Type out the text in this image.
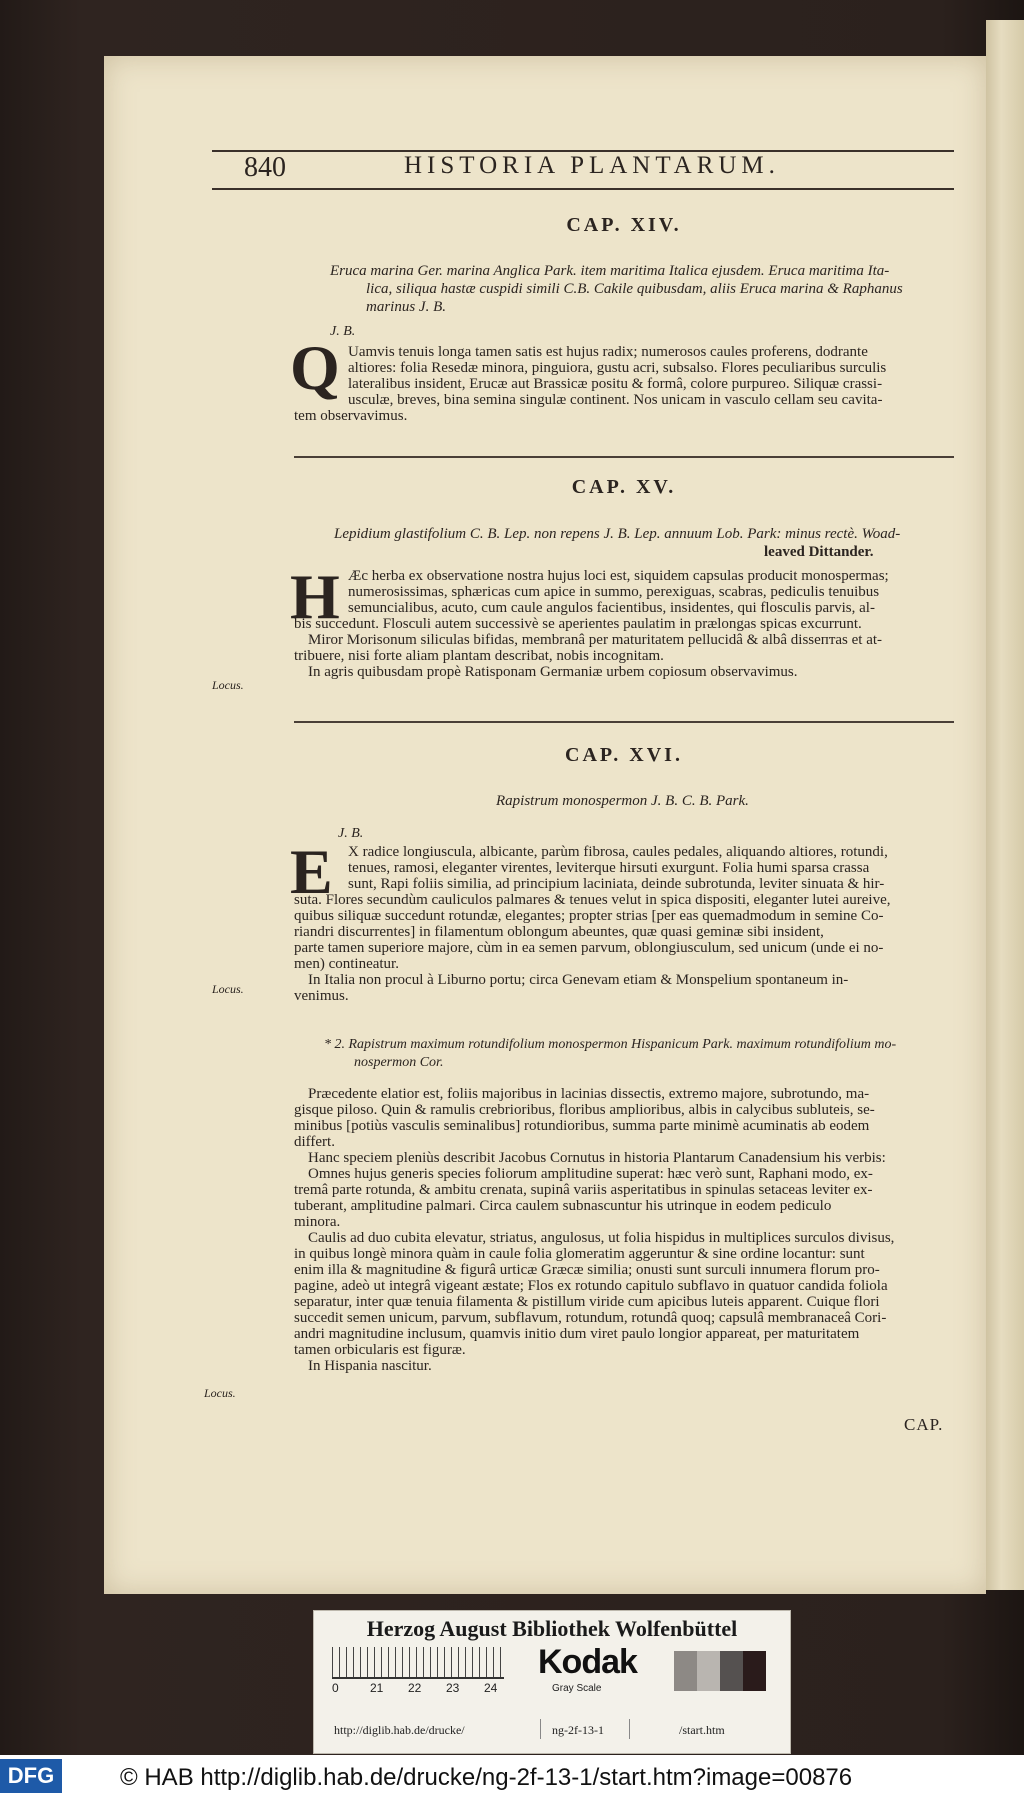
840	HISTORIA PLANTARUM.
CAP. XIV.

Eruca marina Ger. marina Anglica Park. item maritima Italica ejusdem. Eruca maritima Ita-
lica, siliqua hastæ cuspidi simili C.B. Cakile quibusdam, aliis Eruca marina & Raphanus
marinus J. B.

J. B.

Q Uamvis tenuis longa tamen satis est hujus radix; numerosos caules proferens, dodrante
altiores: folia Resedæ minora, pinguiora, gustu acri, subsalso. Flores peculiaribus surculis
lateralibus insident, Erucæ aut Brassicæ positu & formâ, colore purpureo. Siliquæ crassi-
usculæ, breves, bina semina singulæ continent. Nos unicam in vasculo cellam seu cavita-
tem observavimus.
CAP. XV.

Lepidium glastifolium C. B. Lep. non repens J. B. Lep. annuum Lob. Park: minus rectè. Woad-
leaved Dittander.

H Æc herba ex observatione nostra hujus loci est, siquidem capsulas producit monospermas;
numerosissimas, sphæricas cum apice in summo, perexiguas, scabras, pediculis tenuibus
semuncialibus, acuto, cum caule angulos facientibus, insidentes, qui flosculis parvis, al-
bis succedunt. Flosculi autem successivè se aperientes paulatim in prælongas spicas excurrunt.
Miror Morisonum siliculas bifidas, membranâ per maturitatem pellucidâ & albâ dissептas et at-
tribuere, nisi forte aliam plantam describat, nobis incognitam.
In agris quibusdam propè Ratisponam Germaniæ urbem copiosum observavimus.

Locus.

CAP. XVI.

Rapistrum monospermon J. B. C. B. Park.

J. B.

E	X radice longiuscula, albicante, parùm fibrosa, caules pedales, aliquando altiores, rotundi,
tenues, ramosi, eleganter virentes, leviterque hirsuti exurgunt. Folia humi sparsa crassa
sunt, Rapi foliis similia, ad principium laciniata, deinde subrotunda, leviter sinuata & hir-
suta. Flores secundùm cauliculos palmares & tenues velut in spica dispositi, eleganter lutei aureive,
quibus siliquæ succedunt rotundæ, elegantes; propter strias [per eas quemadmodum in semine Co-
riandri discurrentes] in filamentum oblongum abeuntes, quæ quasi geminæ sibi insident,
parte tamen superiore majore, cùm in ea semen parvum, oblongiusculum, sed unicum (unde ei no-
men) contineatur.
In Italia non procul à Liburno portu; circa Genevam etiam & Monspelium spontaneum in-
venimus.

Locus.

* 2. Rapistrum maximum rotundifolium monospermon Hispanicum Park. maximum rotundifolium mo-
nospermon Cor.

Præcedente elatior est, foliis majoribus in lacinias dissectis, extremo majore, subrotundo, ma-
gisque piloso. Quin & ramulis crebrioribus, floribus amplioribus, albis in calycibus subluteis, se-
minibus [potiùs vasculis seminalibus] rotundioribus, summa parte minimè acuminatis ab eodem
differt.
Hanc speciem pleniùs describit Jacobus Cornutus in historia Plantarum Canadensium his verbis:
Omnes hujus generis species foliorum amplitudine superat: hæc verò sunt, Raphani modo, ex-
tremâ parte rotunda, & ambitu crenata, supinâ variis asperitatibus in spinulas setaceas leviter ex-
tuberant, amplitudine palmari. Circa caulem subnascuntur his utrinque in eodem pediculo
minora.
Caulis ad duo cubita elevatur, striatus, angulosus, ut folia hispidus in multiplices surculos divisus,
in quibus longè minora quàm in caule folia glomeratim aggeruntur & sine ordine locantur: sunt
enim illa & magnitudine & figurâ urticæ Græcæ similia; onusti sunt surculi innumera florum pro-
pagine, adeò ut integrâ vigeant æstate; Flos ex rotundo capitulo subflavo in quatuor candida foliola
separatur, inter quæ tenuia filamenta & pistillum viride cum apicibus luteis apparent. Cuique flori
succedit semen unicum, parvum, subflavum, rotundum, rotundâ quoq; capsulâ membranaceâ Cori-
andri magnitudine inclusum, quamvis initio dum viret paulo longior appareat, per maturitatem
tamen orbicularis est figuræ.
In Hispania nascitur.

Locus.

CAP.

Herzog August Bibliothek Wolfenbüttel

0	21 22 23 24
Kodak
Gray Scale
http://diglib.hab.de/drucke/	ng-2f-13-1	/start.htm

DFG	© HAB http://diglib.hab.de/drucke/ng-2f-13-1/start.htm?image=00876
